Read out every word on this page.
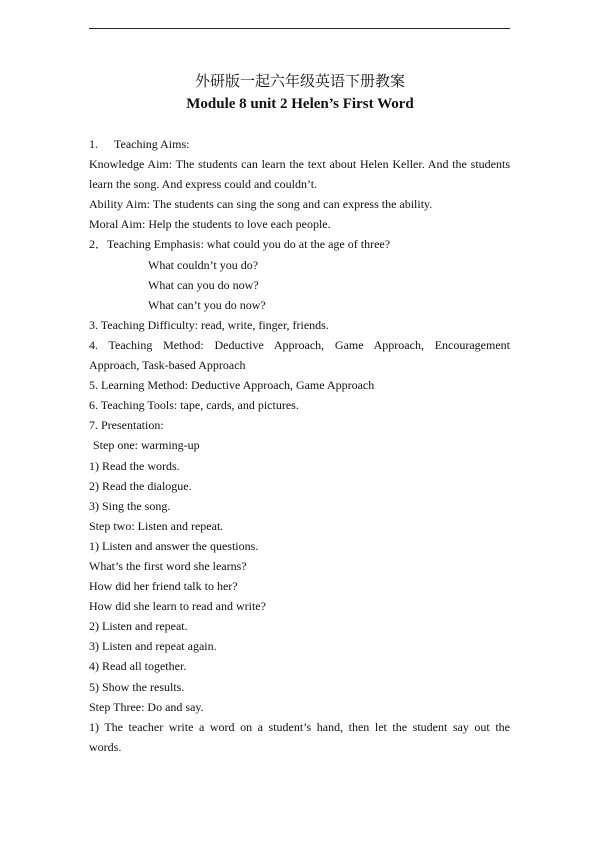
外研版一起六年级英语下册教案
Module 8 unit 2 Helen’s First Word
1. Teaching Aims:
Knowledge Aim: The students can learn the text about Helen Keller. And the students
learn the song. And express could and couldn’t.
Ability Aim: The students can sing the song and can express the ability.
Moral Aim: Help the students to love each people.
2．Teaching Emphasis: what could you do at the age of three?
What couldn’t you do?
What can you do now?
What can’t you do now?
3. Teaching Difficulty: read, write, finger, friends.
4. Teaching Method: Deductive Approach, Game Approach, Encouragement
Approach, Task-based Approach
5. Learning Method: Deductive Approach, Game Approach
6. Teaching Tools: tape, cards, and pictures.
7. Presentation:
Step one: warming-up
1) Read the words.
2) Read the dialogue.
3) Sing the song.
Step two: Listen and repeat.
1) Listen and answer the questions.
What’s the first word she learns?
How did her friend talk to her?
How did she learn to read and write?
2) Listen and repeat.
3) Listen and repeat again.
4) Read all together.
5) Show the results.
Step Three: Do and say.
1) The teacher write a word on a student’s hand, then let the student say out the
words.
